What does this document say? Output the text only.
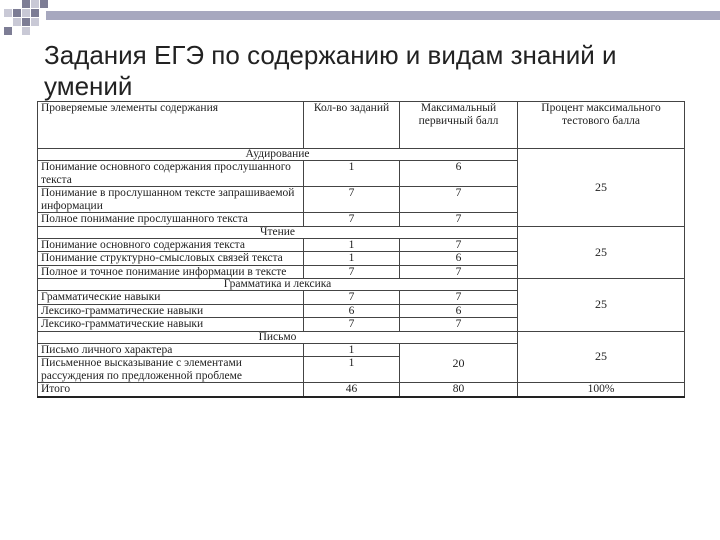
Задания ЕГЭ по содержанию и видам знаний и умений
Проверяемые элементы содержания	Кол-во заданий	Максимальный первичный балл	Процент максимального тестового балла
Аудирование			25
Понимание основного содержания прослушанного текста	1	6	
Понимание в прослушанном тексте запрашиваемой информации	7	7	
Полное понимание прослушанного текста	7	7	
Чтение			25
Понимание основного содержания текста	1	7	
Понимание структурно-смысловых связей текста	1	6	
Полное и точное понимание информации в тексте	7	7	
Грамматика и лексика			25
Грамматические навыки	7	7	
Лексико-грамматические навыки	6	6	
Лексико-грамматические навыки	7	7	
Письмо			25
Письмо личного характера	1	20	
Письменное высказывание с элементами рассуждения по предложенной проблеме	1		
Итого	46	80	100%
